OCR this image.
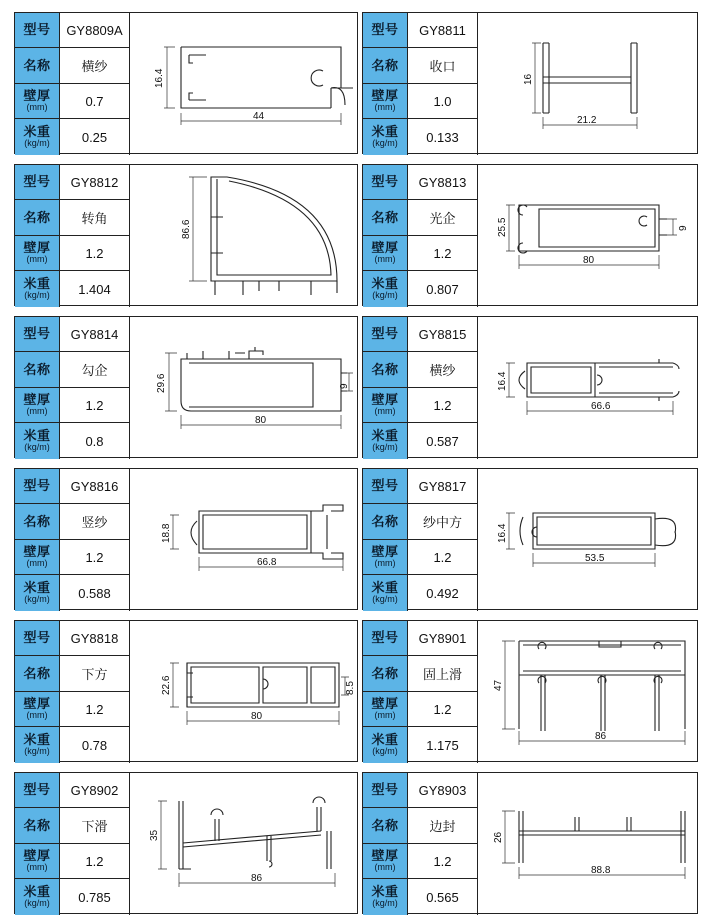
型号	GY8809A
名称	横纱
壁厚
(mm)	0.7
米重
(kg/m)	0.25
16.4
44
型号	GY8811
名称	收口
壁厚
(mm)	1.0
米重
(kg/m)	0.133
16
21.2
型号	GY8812
名称	转角
壁厚
(mm)	1.2
米重
(kg/m)	1.404
86.6
型号	GY8813
名称	光企
壁厚
(mm)	1.2
米重
(kg/m)	0.807
25.5
80
9
型号	GY8814
名称	勾企
壁厚
(mm)	1.2
米重
(kg/m)	0.8
29.6
80
9
型号	GY8815
名称	横纱
壁厚
(mm)	1.2
米重
(kg/m)	0.587
16.4
66.6
型号	GY8816
名称	竖纱
壁厚
(mm)	1.2
米重
(kg/m)	0.588
18.8
66.8
型号	GY8817
名称	纱中方
壁厚
(mm)	1.2
米重
(kg/m)	0.492
16.4
53.5
型号	GY8818
名称	下方
壁厚
(mm)	1.2
米重
(kg/m)	0.78
22.6
80
8.5
型号	GY8901
名称	固上滑
壁厚
(mm)	1.2
米重
(kg/m)	1.175
47
86
型号	GY8902
名称	下滑
壁厚
(mm)	1.2
米重
(kg/m)	0.785
35
86
型号	GY8903
名称	边封
壁厚
(mm)	1.2
米重
(kg/m)	0.565
26
88.8
